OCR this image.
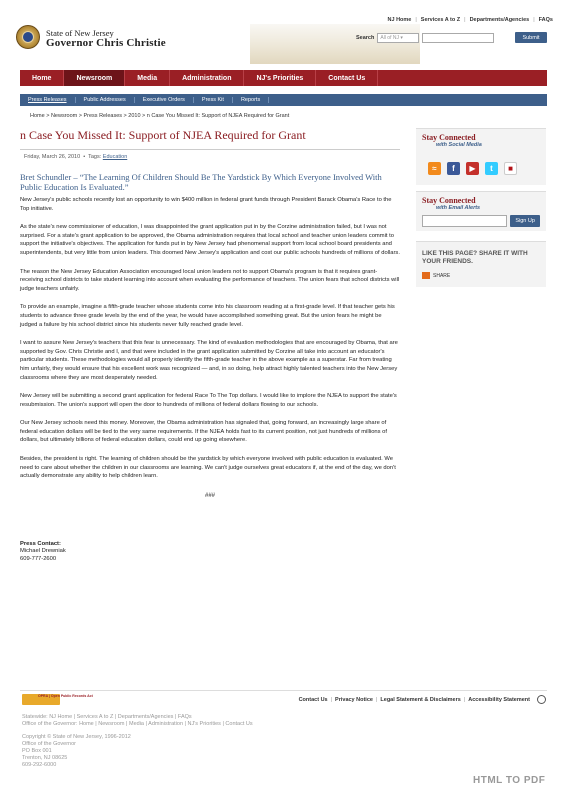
NJ Home | Services A to Z | Departments/Agencies | FAQs
State of New Jersey
Governor Chris Christie	Search	All of NJ ▾	Submit
Home	Newsroom	Media	Administration	NJ's Priorities	Contact Us
Press Releases	Public Addresses	Executive Orders	Press Kit	Reports
Home > Newsroom > Press Releases > 2010 > n Case You Missed It: Support of NJEA Required for Grant
n Case You Missed It: Support of NJEA Required for Grant
Friday, March 26, 2010  •  Tags: Education
Bret Schundler – “The Learning Of Children Should Be The Yardstick By Which Everyone Involved With Public Education Is Evaluated.”

New Jersey's public schools recently lost an opportunity to win $400 million in federal grant funds through President Barack Obama's Race to the Top initiative.

As the state's new commissioner of education, I was disappointed the grant application put in by the Corzine administration failed, but I was not surprised. For a state's grant application to be approved, the Obama administration requires that local school and teacher union leaders commit to support the initiative's objectives. The application for funds put in by New Jersey had phenomenal support from local school board presidents and superintendents, but very little from union leaders. This doomed New Jersey's application and cost our public schools hundreds of millions of dollars.

The reason the New Jersey Education Association encouraged local union leaders not to support Obama's program is that it requires grant-receiving school districts to take student learning into account when evaluating the performance of teachers. The union fears that school districts will judge teachers unfairly.

To provide an example, imagine a fifth-grade teacher whose students come into his classroom reading at a first-grade level. If that teacher gets his students to advance three grade levels by the end of the year, he would have accomplished something great. But the union fears he might be judged a failure by his school district since his students never fully reached grade level.

I want to assure New Jersey's teachers that this fear is unnecessary. The kind of evaluation methodologies that are encouraged by Obama, that are supported by Gov. Chris Christie and I, and that were included in the grant application submitted by Corzine all take into account an educator's particular students. These methodologies would all properly identify the fifth-grade teacher in the above example as a superstar. Far from treating him unfairly, they would ensure that his excellent work was recognized — and, in so doing, help attract highly talented teachers into the New Jersey classrooms where they are most desperately needed.

New Jersey will be submitting a second grant application for federal Race To The Top dollars. I would like to implore the NJEA to support the state's resubmission. The union's support will open the door to hundreds of millions of federal dollars flowing to our schools.

Our New Jersey schools need this money. Moreover, the Obama administration has signaled that, going forward, an increasingly large share of federal education dollars will be tied to the very same requirements. If the NJEA holds fast to its current position, not just hundreds of millions of dollars, but ultimately billions of federal education dollars, could end up going elsewhere.

Besides, the president is right. The learning of children should be the yardstick by which everyone involved with public education is evaluated. We need to care about whether the children in our classrooms are learning. We can't judge ourselves great educators if, at the end of the day, we don't actually demonstrate any ability to help children learn.

###
Press Contact:
Michael Drewniak
609-777-2600
Stay Connected
with Social Media
≈	f	▶	t	■
Stay Connected
with Email Alerts
Sign Up
LIKE THIS PAGE? SHARE IT WITH YOUR FRIENDS.
SHARE
OPRA | Open Public Records Act
Contact Us | Privacy Notice | Legal Statement & Disclaimers | Accessibility Statement
Statewide: NJ Home | Services A to Z | Departments/Agencies | FAQs
Office of the Governor: Home | Newsroom | Media | Administration | NJ's Priorities | Contact Us
Copyright © State of New Jersey, 1996-2012
Office of the Governor
PO Box 001
Trenton, NJ 08625
609-292-6000
HTML TO PDF
